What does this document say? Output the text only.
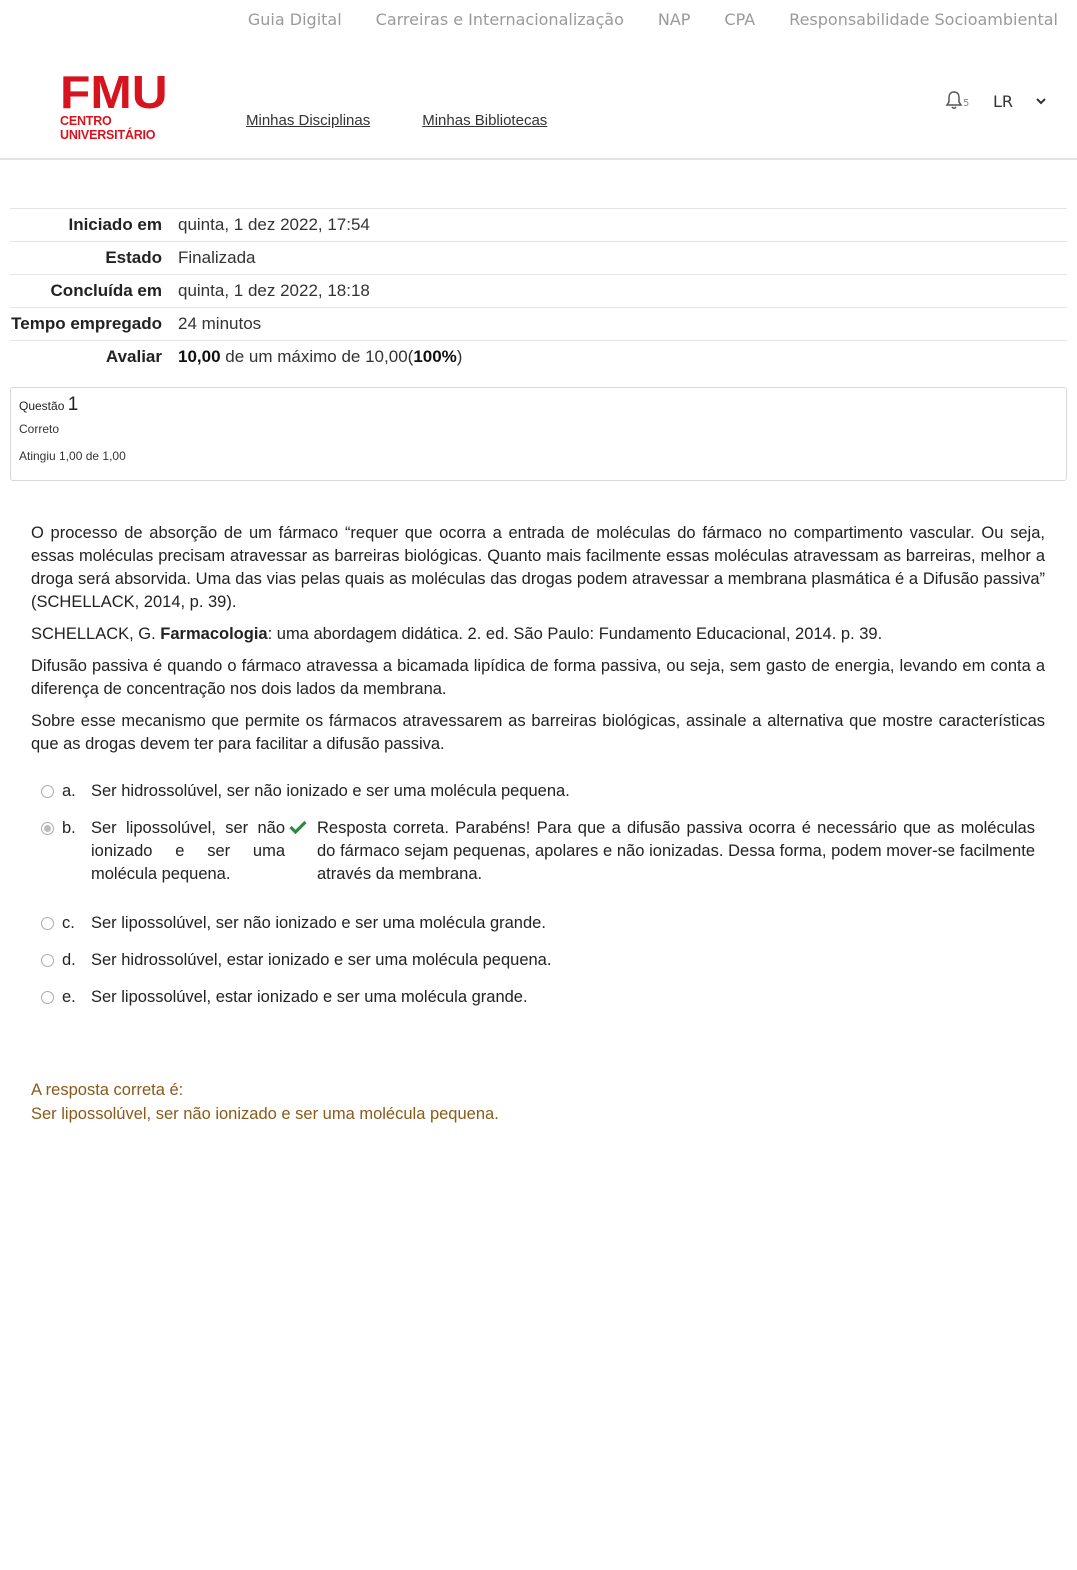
Guia Digital Carreiras e Internacionalização NAP CPA Responsabilidade Socioambiental
FMU
CENTRO UNIVERSITÁRIO
Minhas Disciplinas	Minhas Bibliotecas
5 LR
Iniciado em quinta, 1 dez 2022, 17:54
Estado Finalizada
Concluída em quinta, 1 dez 2022, 18:18
Tempo empregado 24 minutos
Avaliar 10,00 de um máximo de 10,00(100%)
Questão 1
Correto
Atingiu 1,00 de 1,00

O processo de absorção de um fármaco “requer que ocorra a entrada de moléculas do fármaco no compartimento vascular. Ou seja, essas moléculas precisam atravessar as barreiras biológicas. Quanto mais facilmente essas moléculas atravessam as barreiras, melhor a droga será absorvida. Uma das vias pelas quais as moléculas das drogas podem atravessar a membrana plasmática é a Difusão passiva” (SCHELLACK, 2014, p. 39).

SCHELLACK, G. Farmacologia: uma abordagem didática. 2. ed. São Paulo: Fundamento Educacional, 2014. p. 39.

Difusão passiva é quando o fármaco atravessa a bicamada lipídica de forma passiva, ou seja, sem gasto de energia, levando em conta a diferença de concentração nos dois lados da membrana.

Sobre esse mecanismo que permite os fármacos atravessarem as barreiras biológicas, assinale a alternativa que mostre características que as drogas devem ter para facilitar a difusão passiva.

a. Ser hidrossolúvel, ser não ionizado e ser uma molécula pequena.
b. Ser lipossolúvel, ser não ionizado e ser uma molécula pequena.
Resposta correta. Parabéns! Para que a difusão passiva ocorra é necessário que as moléculas do fármaco sejam pequenas, apolares e não ionizadas. Dessa forma, podem mover-se facilmente através da membrana.
c. Ser lipossolúvel, ser não ionizado e ser uma molécula grande.
d. Ser hidrossolúvel, estar ionizado e ser uma molécula pequena.
e. Ser lipossolúvel, estar ionizado e ser uma molécula grande.
A resposta correta é:
Ser lipossolúvel, ser não ionizado e ser uma molécula pequena.
